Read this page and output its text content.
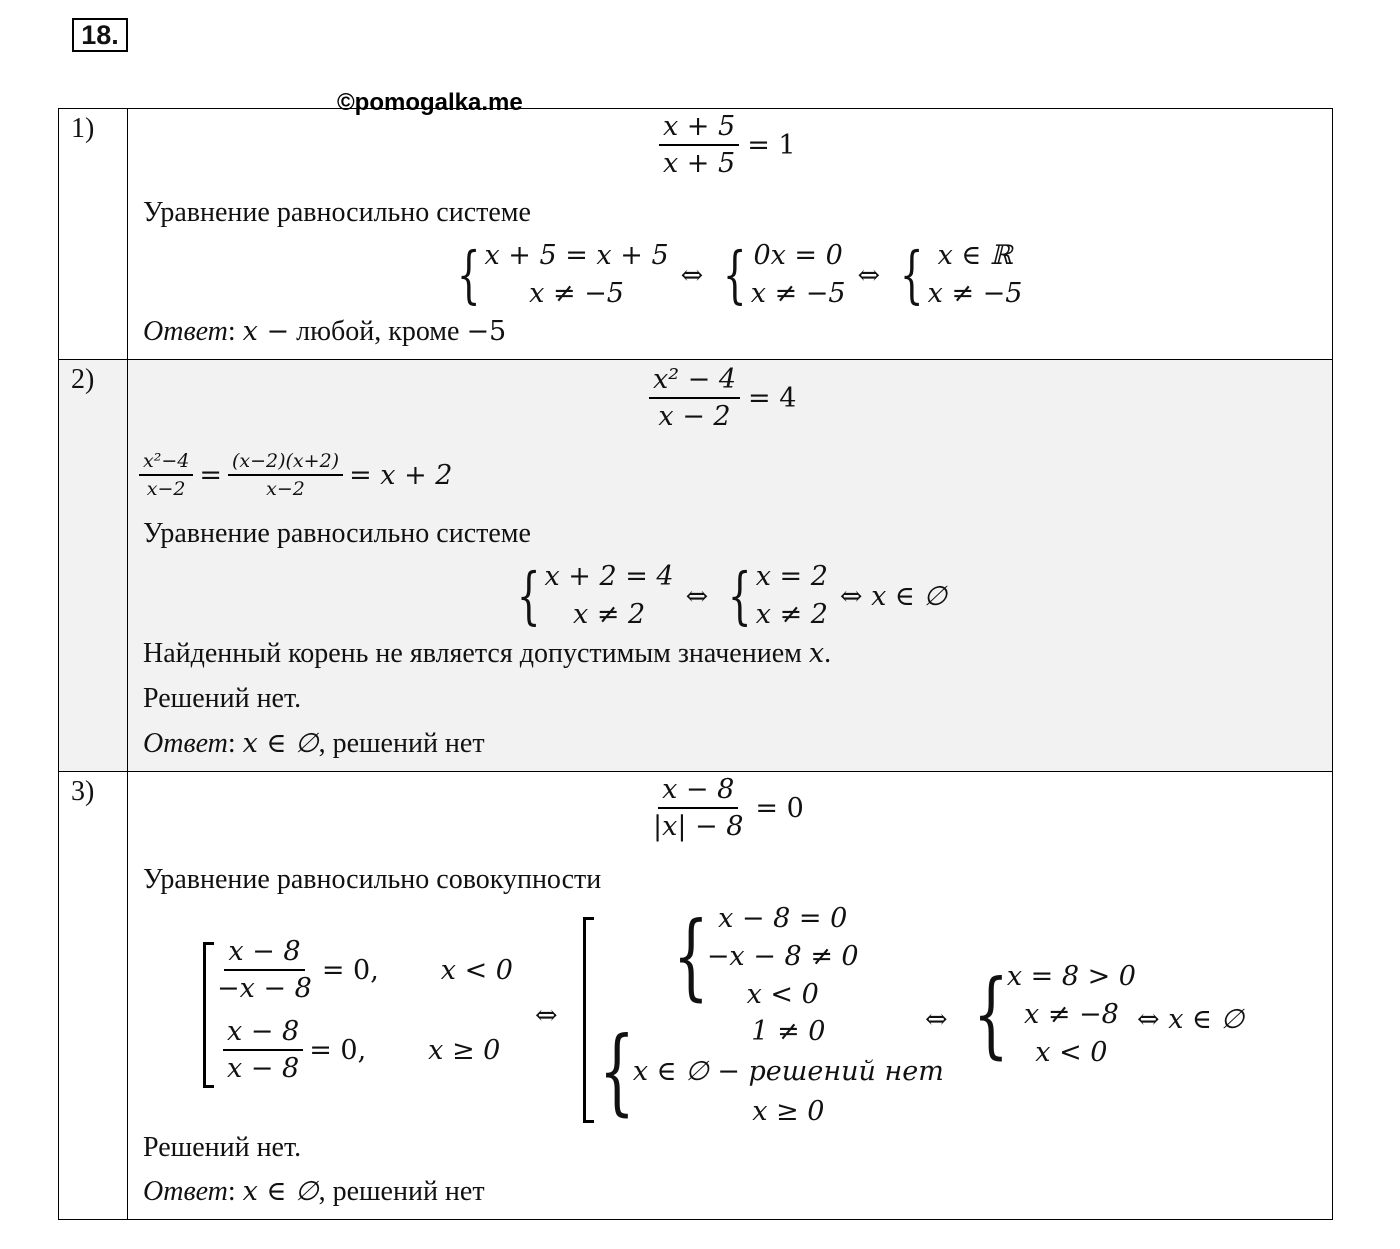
18.
©pomogalka.me
1)	$\frac{x + 5}{x + 5} = 1$
Уравнение равносильно системе
{ x + 5 = x + 5
x ≠ −5
⇔ { 0x = 0
x ≠ −5
⇔ { x ∈ ℝ
x ≠ −5
Ответ: x − любой, кроме −5
2)	$\frac{\text{x² − 4}}{x - 2} = 4$
$\frac{\text{x²−4}}{x-2} = \frac{(x-2)(x+2)}{x-2} = x + 2$
Уравнение равносильно системе
{ x + 2 = 4
x ≠ 2
⇔ { x = 2
x ≠ 2
⇔ x ∈ ∅
Найденный корень не является допустимым значением x.
Решений нет.
Ответ: x ∈ ∅, решений нет
3)	$\frac{x - 8}{|x| - 8} = 0$
Уравнение равносильно совокупности
$\frac{x - 8}{-x - 8} = 0$, x < 0
$\frac{x - 8}{x - 8} = 0$, x ≥ 0
⇔
{ x − 8 = 0
−x − 8 ≠ 0
x < 0
{	1 ≠ 0
x ∈ ∅ − решений нет
x ≥ 0
⇔ {
x = 8 > 0
x ≠ −8
x < 0
⇔ x ∈ ∅
Решений нет.
Ответ: x ∈ ∅, решений нет
